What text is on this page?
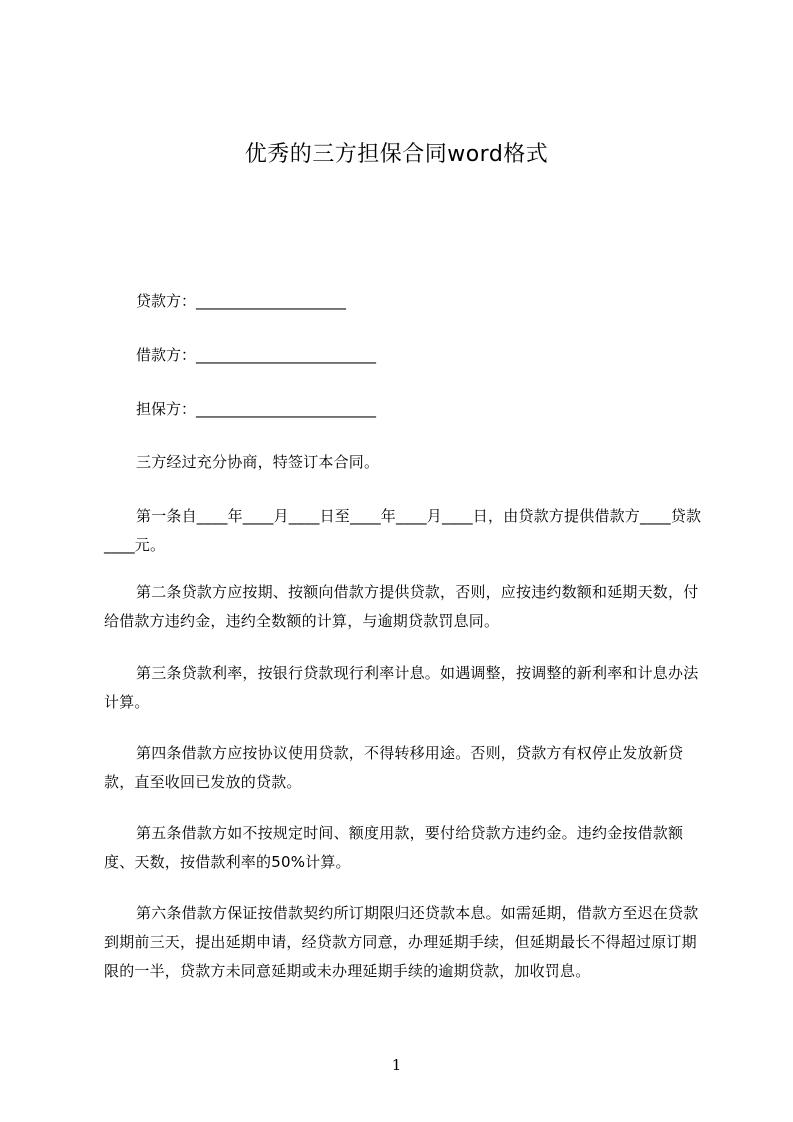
优秀的三方担保合同word格式
贷款方：____________________
借款方：________________________
担保方：________________________
三方经过充分协商，特签订本合同。
第一条自____年____月____日至____年____月____日，由贷款方提供借款方____贷款____元。
第二条贷款方应按期、按额向借款方提供贷款，否则，应按违约数额和延期天数，付给借款方违约金，违约全数额的计算，与逾期贷款罚息同。
第三条贷款利率，按银行贷款现行利率计息。如遇调整，按调整的新利率和计息办法计算。
第四条借款方应按协议使用贷款，不得转移用途。否则，贷款方有权停止发放新贷款，直至收回已发放的贷款。
第五条借款方如不按规定时间、额度用款，要付给贷款方违约金。违约金按借款额度、天数，按借款利率的50%计算。
第六条借款方保证按借款契约所订期限归还贷款本息。如需延期，借款方至迟在贷款到期前三天，提出延期申请，经贷款方同意，办理延期手续，但延期最长不得超过原订期限的一半，贷款方未同意延期或未办理延期手续的逾期贷款，加收罚息。
1
